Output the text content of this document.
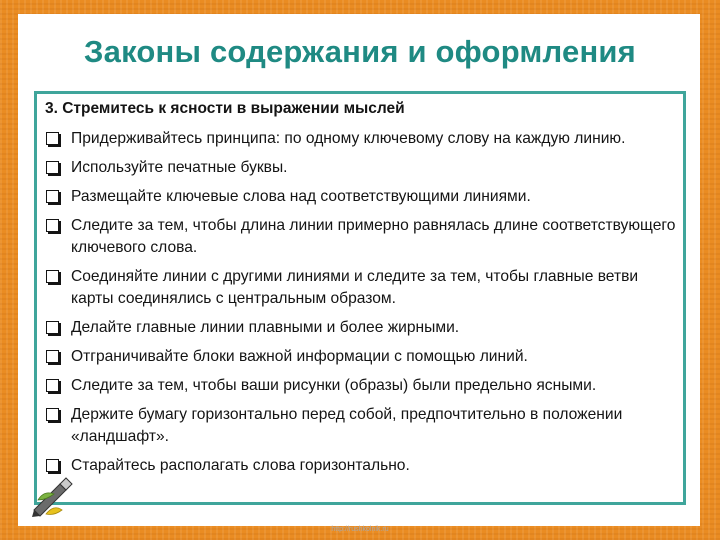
Законы содержания и оформления
3. Стремитесь к ясности в выражении мыслей
Придерживайтесь принципа: по одному ключевому слову на каждую линию.
Используйте печатные буквы.
Размещайте ключевые слова над соответствующими линиями.
Следите за тем, чтобы длина линии примерно равнялась длине соответствующего ключевого слова.
Соединяйте линии с другими линиями и следите за тем, чтобы главные ветви карты соединялись с центральным образом.
Делайте главные линии плавными и более жирными.
Отграничивайте блоки важной информации с помощью линий.
Следите за тем, чтобы ваши рисунки (образы) были предельно ясными.
Держите бумагу горизонтально перед собой, предпочтительно в положении «ландшафт».
Старайтесь располагать слова горизонтально.
http://rushkolnik.ru
